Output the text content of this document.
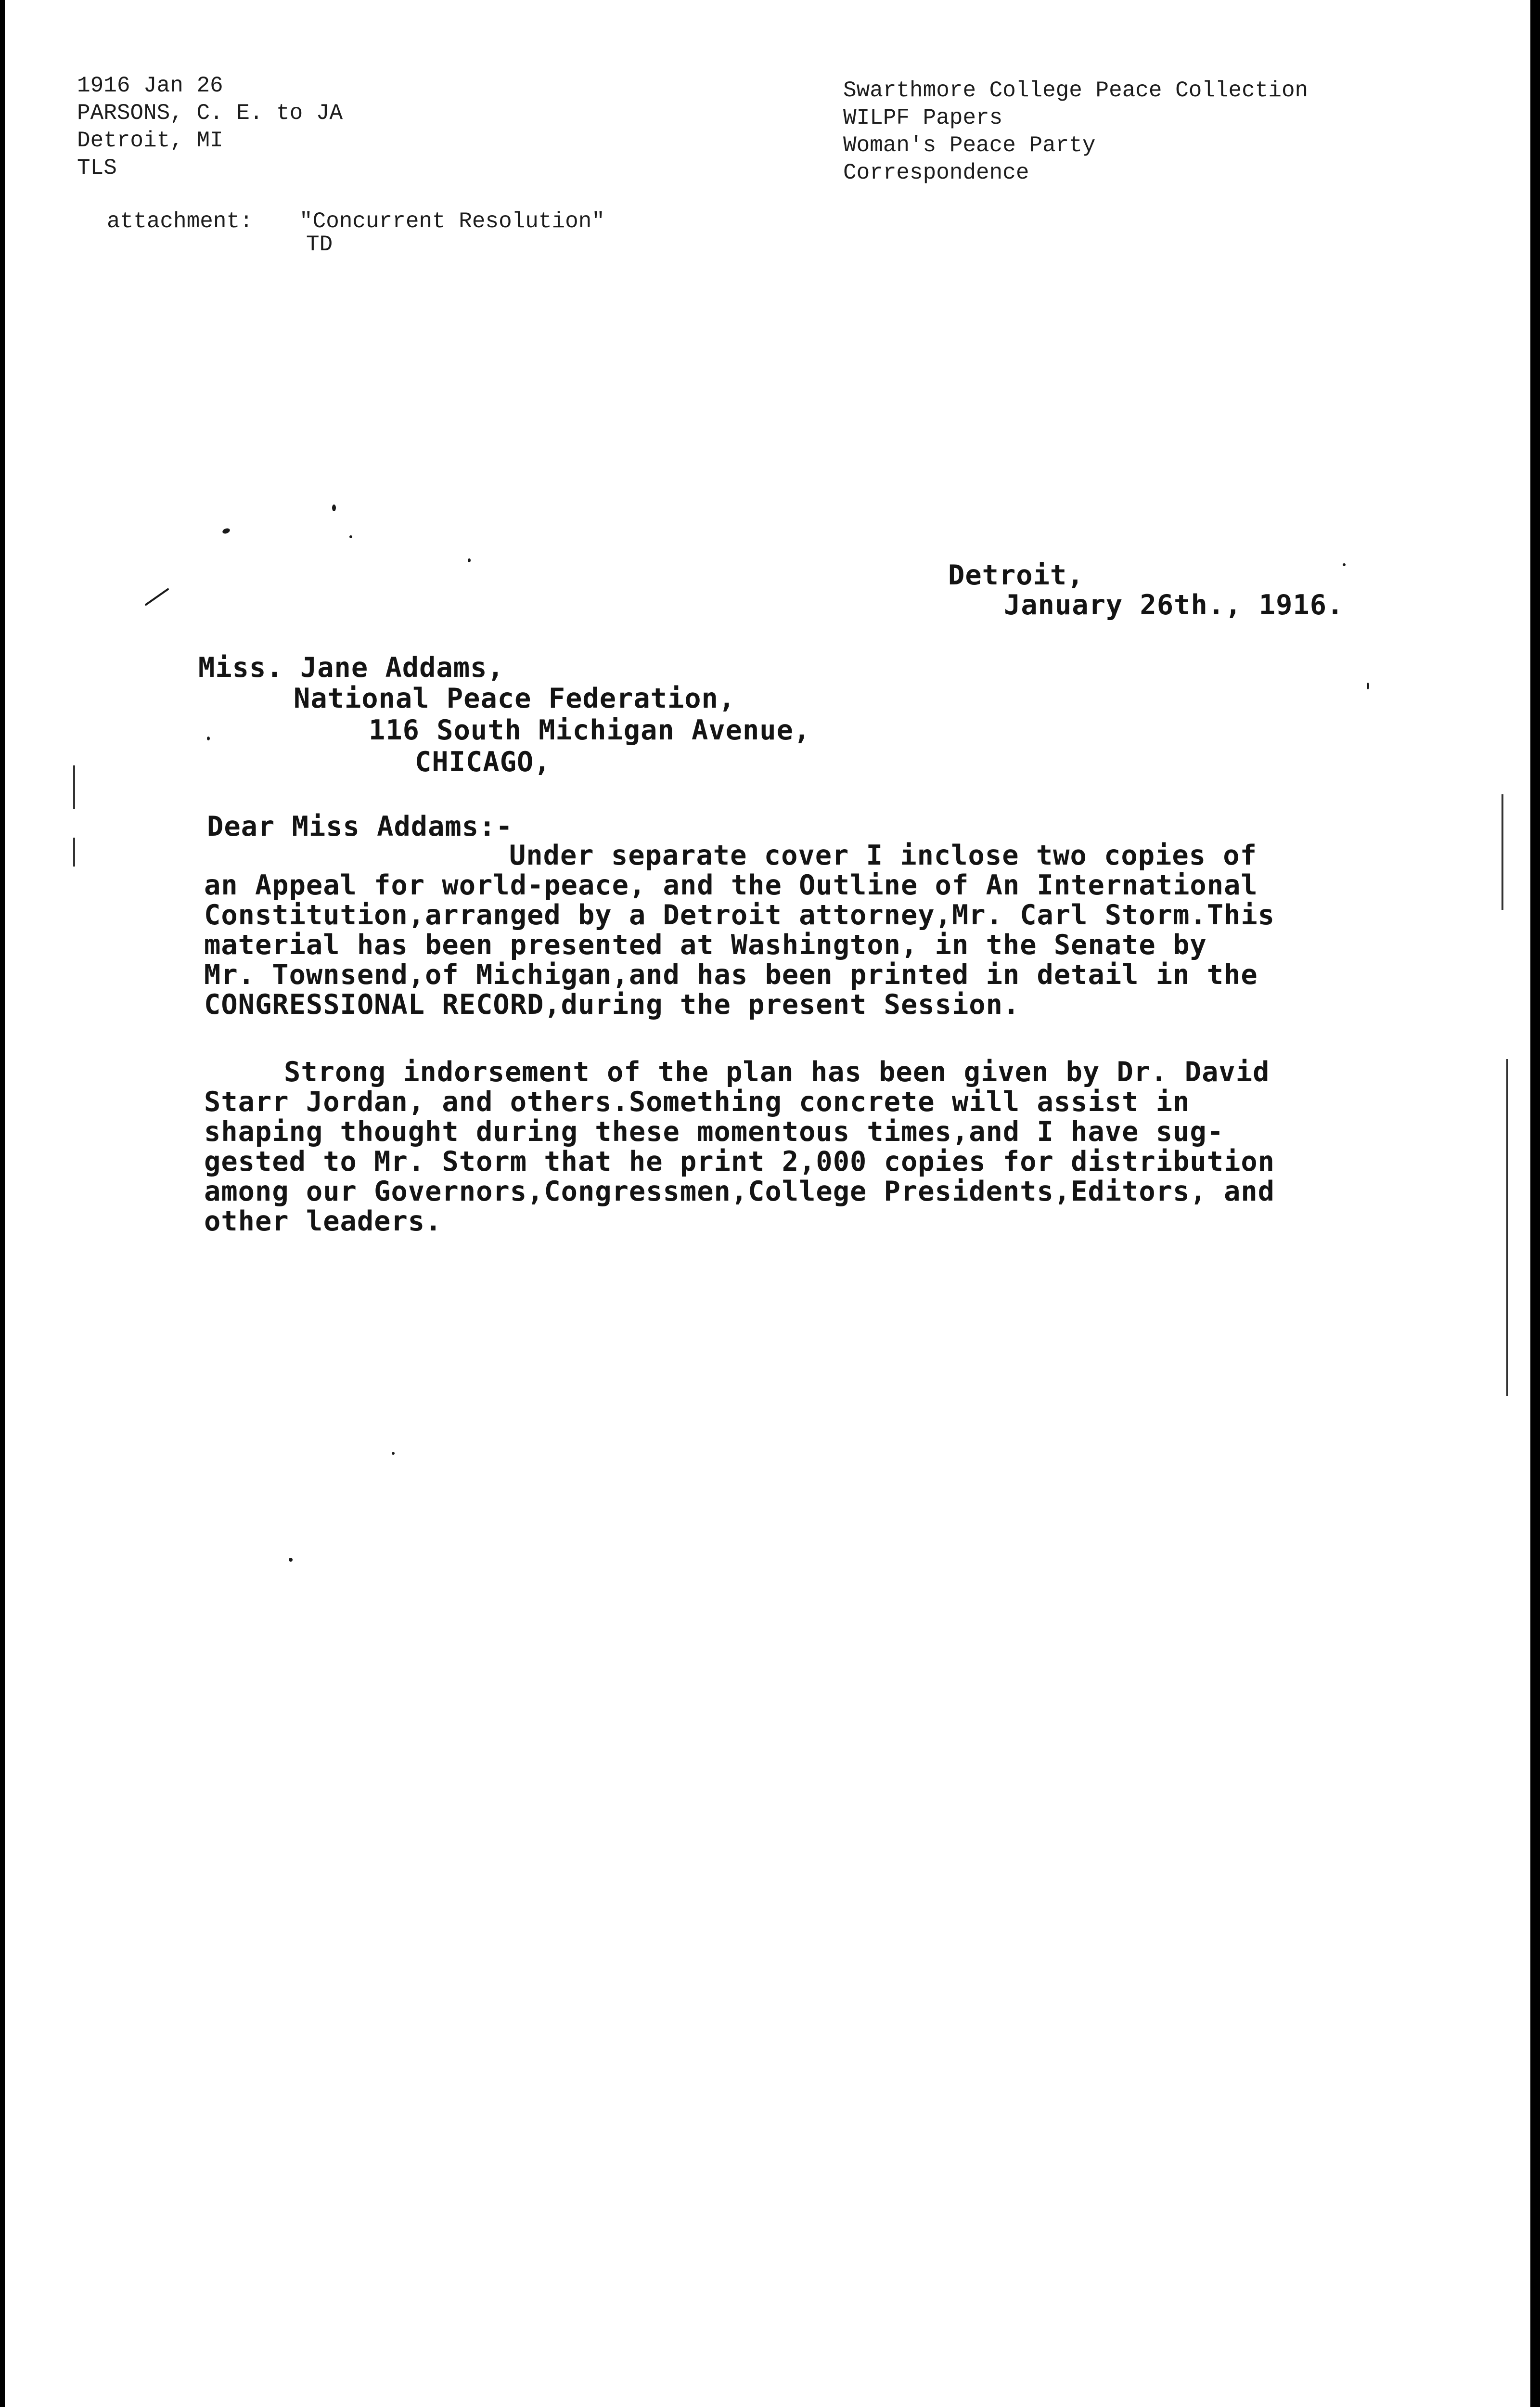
1916 Jan 26
PARSONS, C. E. to JA
Detroit, MI
TLS
attachment: "Concurrent Resolution"
TD
Swarthmore College Peace Collection
WILPF Papers
Woman's Peace Party
Correspondence
Detroit,
January 26th., 1916.
Miss. Jane Addams,
National Peace Federation,
116 South Michigan Avenue,
CHICAGO,
Dear Miss Addams:-
Under separate cover I inclose two copies of
an Appeal for world-peace, and the Outline of An International
Constitution,arranged by a Detroit attorney,Mr. Carl Storm.This
material has been presented at Washington, in the Senate by
Mr. Townsend,of Michigan,and has been printed in detail in the
CONGRESSIONAL RECORD,during the present Session.
Strong indorsement of the plan has been given by Dr. David
Starr Jordan, and others.Something concrete will assist in
shaping thought during these momentous times,and I have sug-
gested to Mr. Storm that he print 2,000 copies for distribution
among our Governors,Congressmen,College Presidents,Editors, and
other leaders.
